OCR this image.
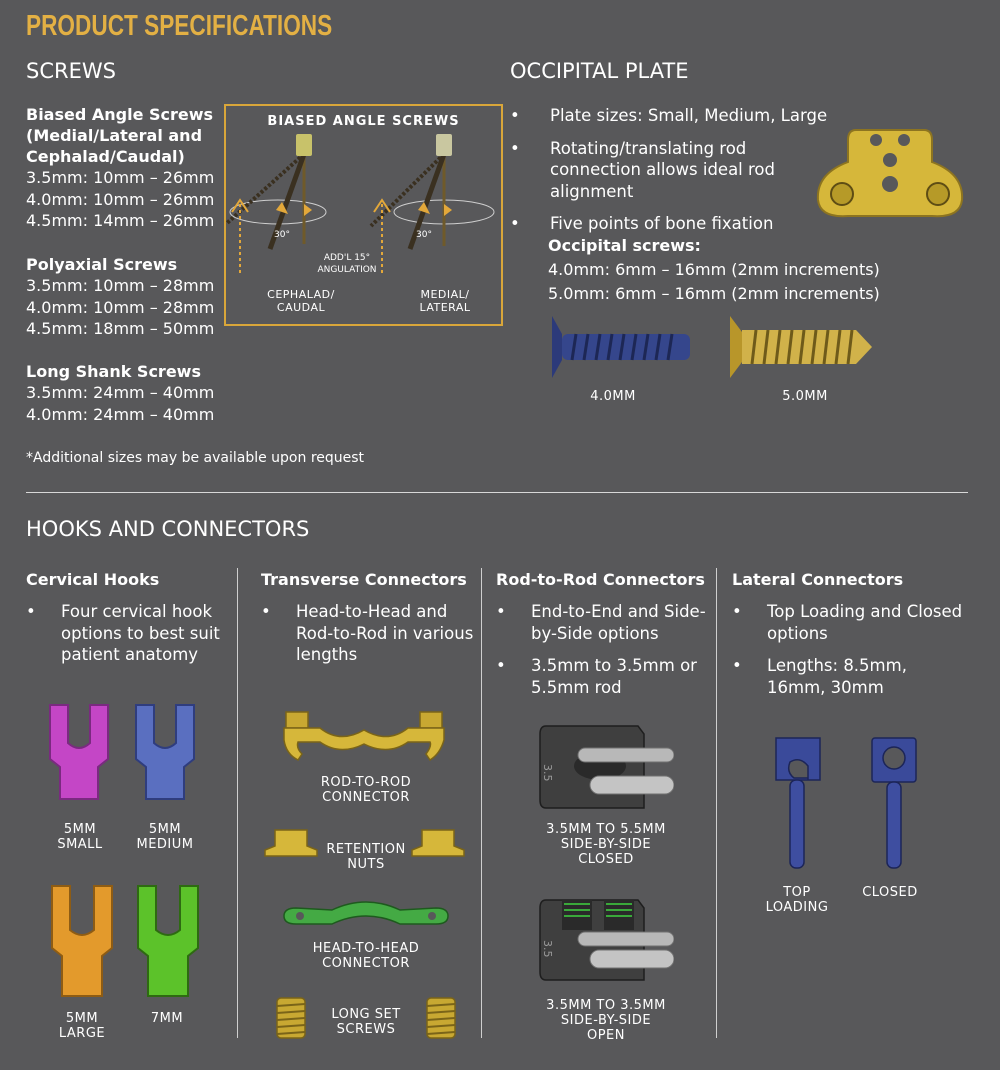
PRODUCT SPECIFICATIONS
SCREWS
Biased Angle Screws
(Medial/Lateral and
Cephalad/Caudal)
3.5mm: 10mm – 26mm
4.0mm: 10mm – 26mm
4.5mm: 14mm – 26mm
Polyaxial Screws
3.5mm: 10mm – 28mm
4.0mm: 10mm – 28mm
4.5mm: 18mm – 50mm
Long Shank Screws
3.5mm: 24mm – 40mm
4.0mm: 24mm – 40mm
*Additional sizes may be available upon request
BIASED ANGLE SCREWS
30°	30°
ADD'L 15°
ANGULATION
CEPHALAD/
CAUDAL
MEDIAL/
LATERAL
OCCIPITAL PLATE
• Plate sizes: Small, Medium, Large
• Rotating/translating rod connection allows ideal rod alignment
• Five points of bone fixation
Occipital screws:
4.0mm: 6mm – 16mm (2mm increments)
5.0mm: 6mm – 16mm (2mm increments)
4.0MM	5.0MM
HOOKS AND CONNECTORS
Cervical Hooks
• Four cervical hook options to best suit patient anatomy
5MM
SMALL
5MM
MEDIUM
5MM
LARGE
7MM
Transverse Connectors
• Head-to-Head and Rod-to-Rod in various lengths
ROD-TO-ROD
CONNECTOR
RETENTION
NUTS
HEAD-TO-HEAD
CONNECTOR
LONG SET
SCREWS
Rod-to-Rod Connectors
• End-to-End and Side-by-Side options
• 3.5mm to 3.5mm or 5.5mm rod
3.5
3.5MM TO 5.5MM
SIDE-BY-SIDE
CLOSED
3.5
3.5MM TO 3.5MM
SIDE-BY-SIDE
OPEN
Lateral Connectors
• Top Loading and Closed options
• Lengths: 8.5mm, 16mm, 30mm
TOP
LOADING
CLOSED
